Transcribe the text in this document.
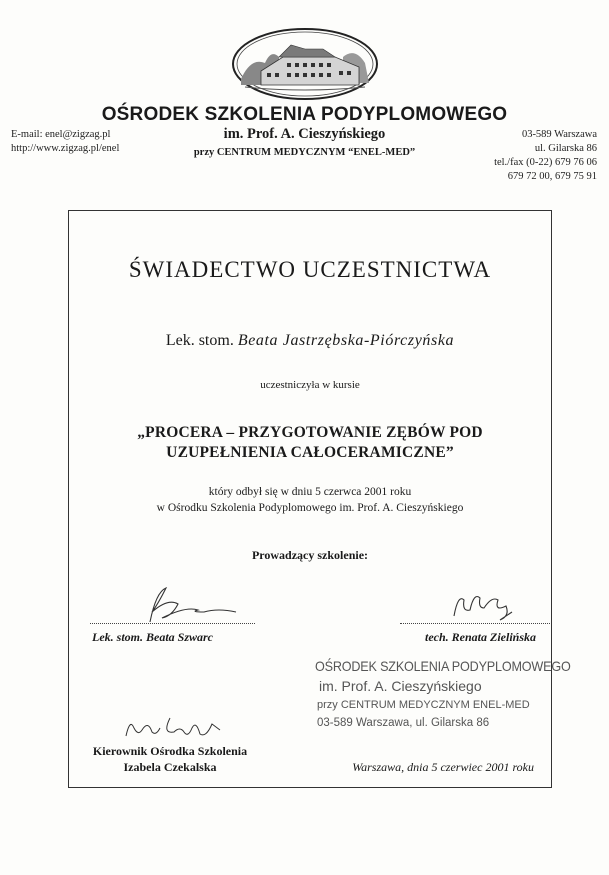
OŚRODEK SZKOLENIA PODYPLOMOWEGO
im. Prof. A. Cieszyńskiego
przy CENTRUM MEDYCZNYM “ENEL-MED”
E-mail: enel@zigzag.pl
http://www.zigzag.pl/enel
03-589 Warszawa
ul. Gilarska 86
tel./fax (0-22) 679 76 06
679 72 00, 679 75 91
ŚWIADECTWO UCZESTNICTWA
Lek. stom. Beata Jastrzębska-Piórczyńska
uczestniczyła w kursie
„PROCERA – PRZYGOTOWANIE ZĘBÓW POD
UZUPEŁNIENIA CAŁOCERAMICZNE”
który odbył się w dniu 5 czerwca 2001 roku
w Ośrodku Szkolenia Podyplomowego im. Prof. A. Cieszyńskiego
Prowadzący szkolenie:
Lek. stom. Beata Szwarc	tech. Renata Zielińska
Kierownik Ośrodka Szkolenia
Izabela Czekalska
OŚRODEK SZKOLENIA PODYPLOMOWEGO
im. Prof. A. Cieszyńskiego
przy CENTRUM MEDYCZNYM ENEL-MED
03-589 Warszawa, ul. Gilarska 86
Warszawa, dnia 5 czerwiec 2001 roku
